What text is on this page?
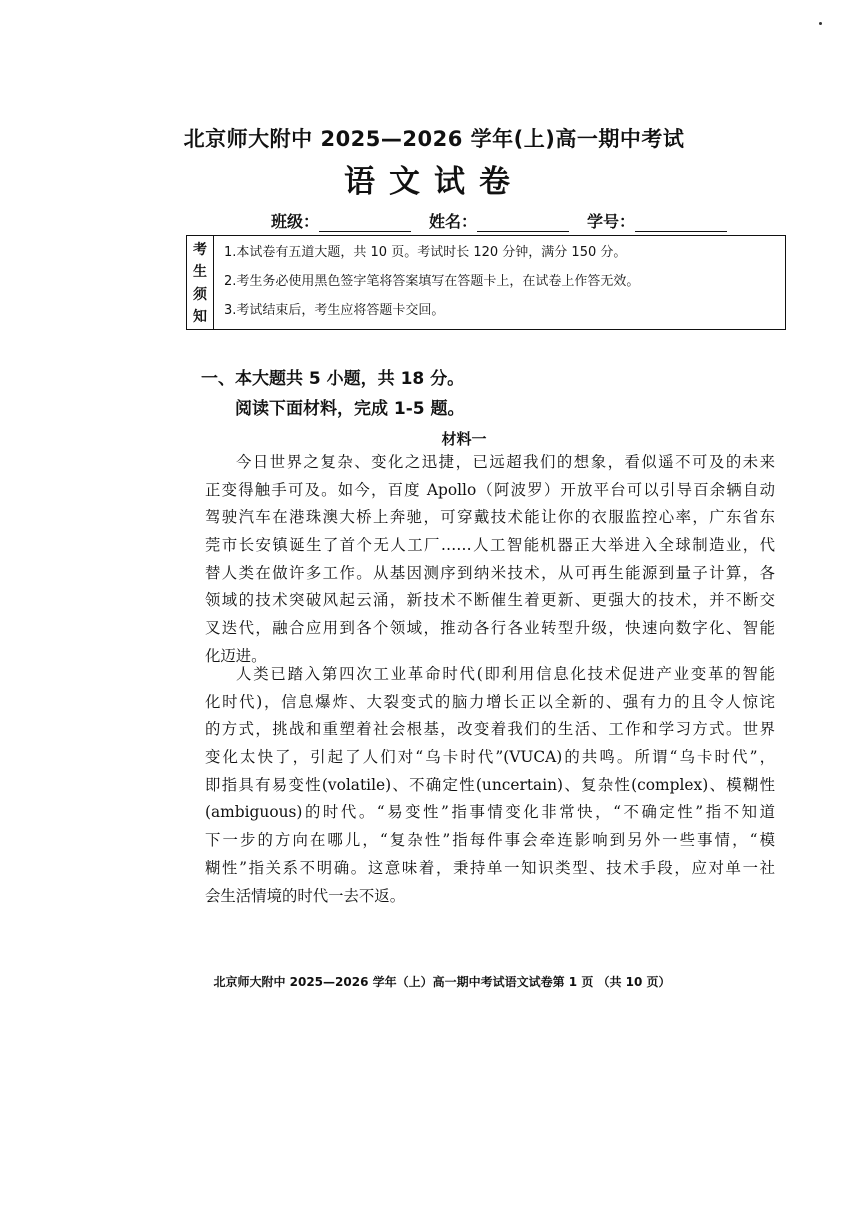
北京师大附中 2025—2026 学年(上)高一期中考试
语文试卷
班级：	姓名：	学号：
考
生
须
知
1.本试卷有五道大题，共 10 页。考试时长 120 分钟，满分 150 分。
2.考生务必使用黑色签字笔将答案填写在答题卡上，在试卷上作答无效。
3.考试结束后，考生应将答题卡交回。
一、本大题共 5 小题，共 18 分。
阅读下面材料，完成 1-5 题。
材料一
今日世界之复杂、变化之迅捷，已远超我们的想象，看似遥不可及的未来
正变得触手可及。如今，百度 Apollo（阿波罗）开放平台可以引导百余辆自动
驾驶汽车在港珠澳大桥上奔驰，可穿戴技术能让你的衣服监控心率，广东省东
莞市长安镇诞生了首个无人工厂……人工智能机器正大举进入全球制造业，代
替人类在做许多工作。从基因测序到纳米技术，从可再生能源到量子计算，各
领域的技术突破风起云涌，新技术不断催生着更新、更强大的技术，并不断交
叉迭代，融合应用到各个领域，推动各行各业转型升级，快速向数字化、智能
化迈进。
人类已踏入第四次工业革命时代(即利用信息化技术促进产业变革的智能
化时代)，信息爆炸、大裂变式的脑力增长正以全新的、强有力的且令人惊诧
的方式，挑战和重塑着社会根基，改变着我们的生活、工作和学习方式。世界
变化太快了，引起了人们对“乌卡时代”(VUCA)的共鸣。所谓“乌卡时代”，
即指具有易变性(volatile)、不确定性(uncertain)、复杂性(complex)、模糊性
(ambiguous)的时代。“易变性”指事情变化非常快，“不确定性”指不知道
下一步的方向在哪儿，“复杂性”指每件事会牵连影响到另外一些事情，“模
糊性”指关系不明确。这意味着，秉持单一知识类型、技术手段，应对单一社
会生活情境的时代一去不返。
北京师大附中 2025—2026 学年（上）高一期中考试语文试卷第 1 页 （共 10 页）
